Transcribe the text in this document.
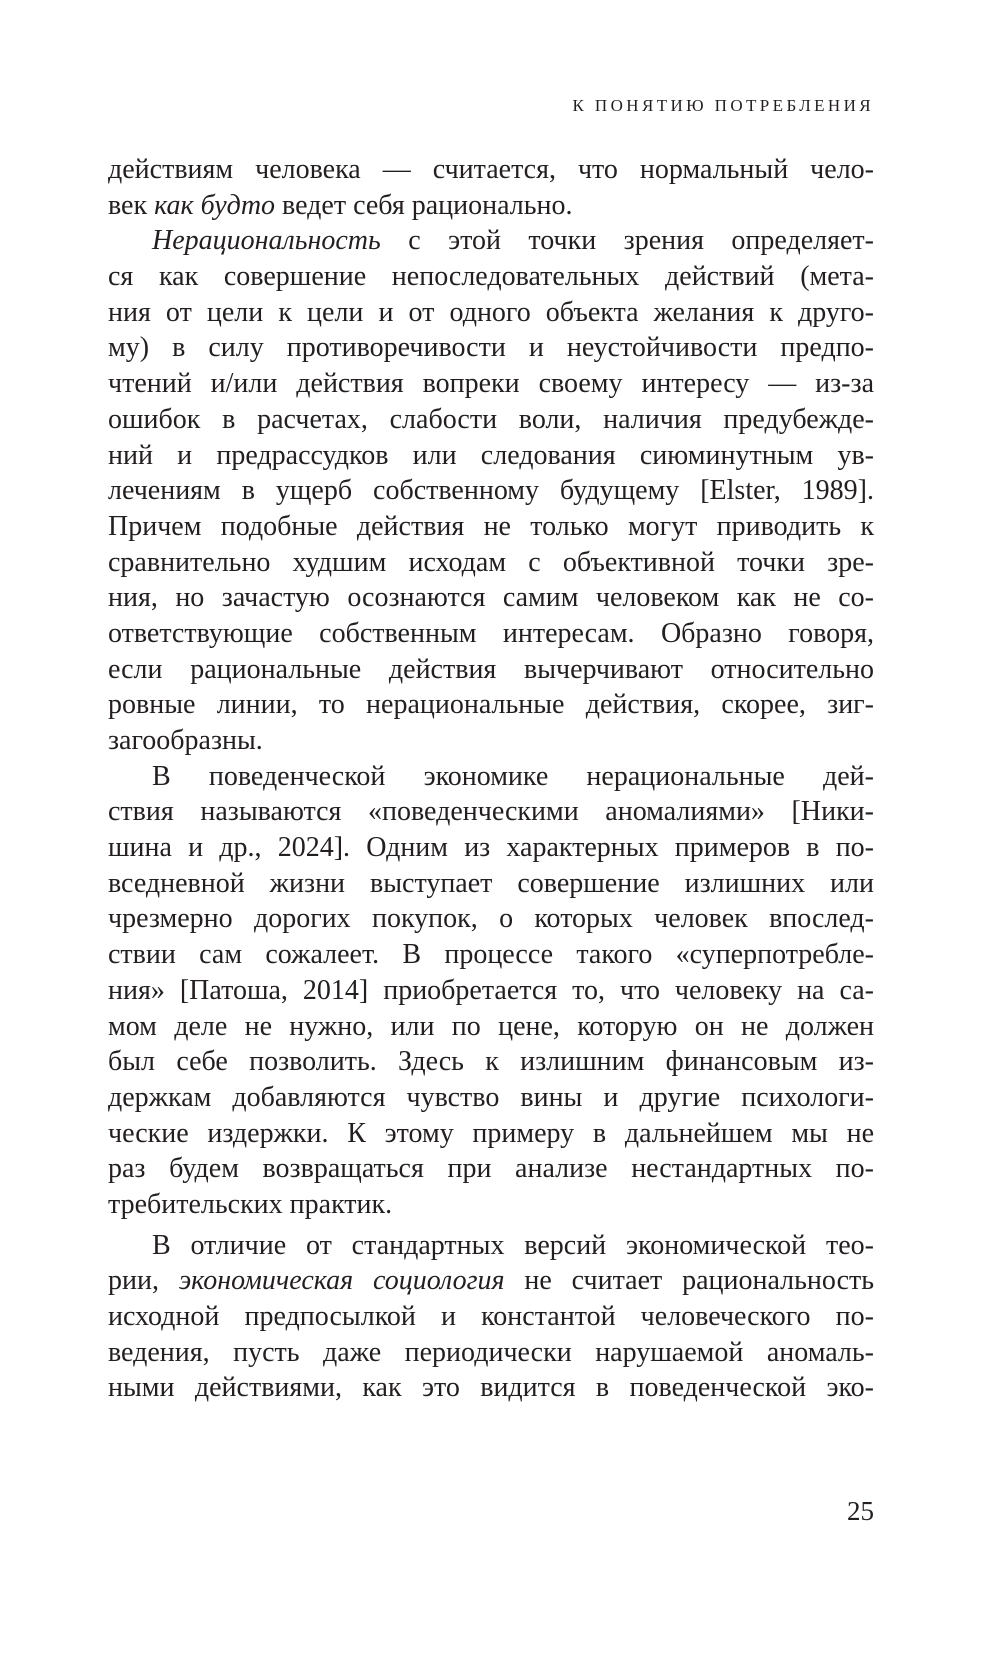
К ПОНЯТИЮ ПОТРЕБЛЕНИЯ
действиям человека — считается, что нормальный чело-
век как будто ведет себя рационально.
Нерациональность с этой точки зрения определяет-
ся как совершение непоследовательных действий (мета-
ния от цели к цели и от одного объекта желания к друго-
му) в силу противоречивости и неустойчивости предпо-
чтений и/или действия вопреки своему интересу — из-за
ошибок в расчетах, слабости воли, наличия предубежде-
ний и предрассудков или следования сиюминутным ув-
лечениям в ущерб собственному будущему [Elster, 1989].
Причем подобные действия не только могут приводить к
сравнительно худшим исходам с объективной точки зре-
ния, но зачастую осознаются самим человеком как не со-
ответствующие собственным интересам. Образно говоря,
если рациональные действия вычерчивают относительно
ровные линии, то нерациональные действия, скорее, зиг-
загообразны.
В поведенческой экономике нерациональные дей-
ствия называются «поведенческими аномалиями» [Ники-
шина и др., 2024]. Одним из характерных примеров в по-
вседневной жизни выступает совершение излишних или
чрезмерно дорогих покупок, о которых человек впослед-
ствии сам сожалеет. В процессе такого «суперпотребле-
ния» [Патоша, 2014] приобретается то, что человеку на са-
мом деле не нужно, или по цене, которую он не должен
был себе позволить. Здесь к излишним финансовым из-
держкам добавляются чувство вины и другие психологи-
ческие издержки. К этому примеру в дальнейшем мы не
раз будем возвращаться при анализе нестандартных по-
требительских практик.
В отличие от стандартных версий экономической тео-
рии, экономическая социология не считает рациональность
исходной предпосылкой и константой человеческого по-
ведения, пусть даже периодически нарушаемой аномаль-
ными действиями, как это видится в поведенческой эко-
25
